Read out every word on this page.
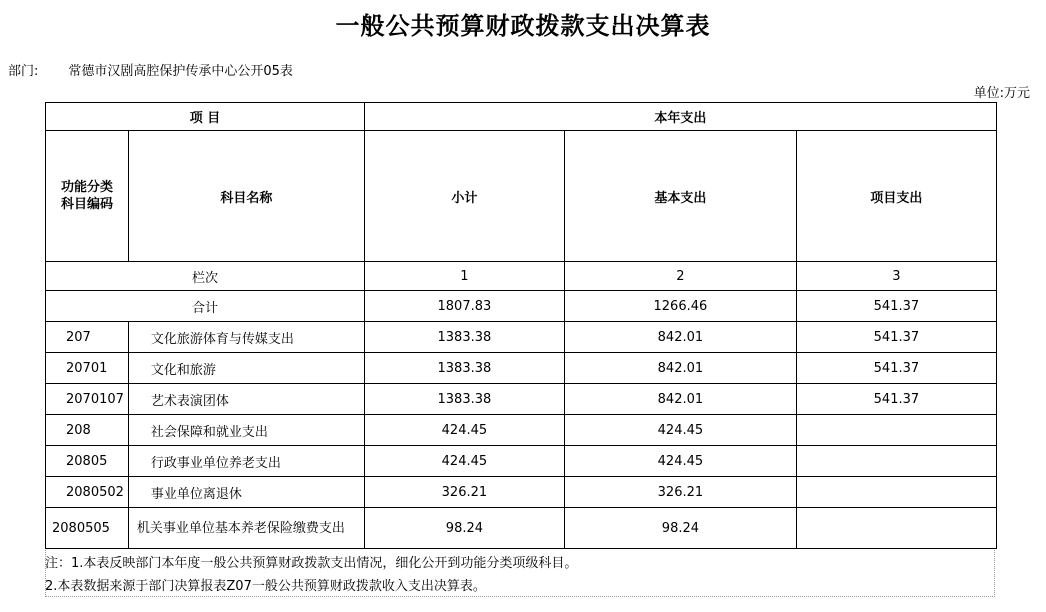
一般公共预算财政拨款支出决算表
部门: 常德市汉剧高腔保护传承中心公开05表
单位:万元
项 目		本年支出		
功能分类科目编码	科目名称	小计	基本支出	项目支出
栏次		1	2	3
合计		1807.83	1266.46	541.37
207	文化旅游体育与传媒支出	1383.38	842.01	541.37
20701	文化和旅游	1383.38	842.01	541.37
2070107	艺术表演团体	1383.38	842.01	541.37
208	社会保障和就业支出	424.45	424.45	
20805	行政事业单位养老支出	424.45	424.45	
2080502	事业单位离退休	326.21	326.21	
2080505	机关事业单位基本养老保险缴费支出	98.24	98.24	
注：1.本表反映部门本年度一般公共预算财政拨款支出情况，细化公开到功能分类项级科目。
2.本表数据来源于部门决算报表Z07一般公共预算财政拨款收入支出决算表。
